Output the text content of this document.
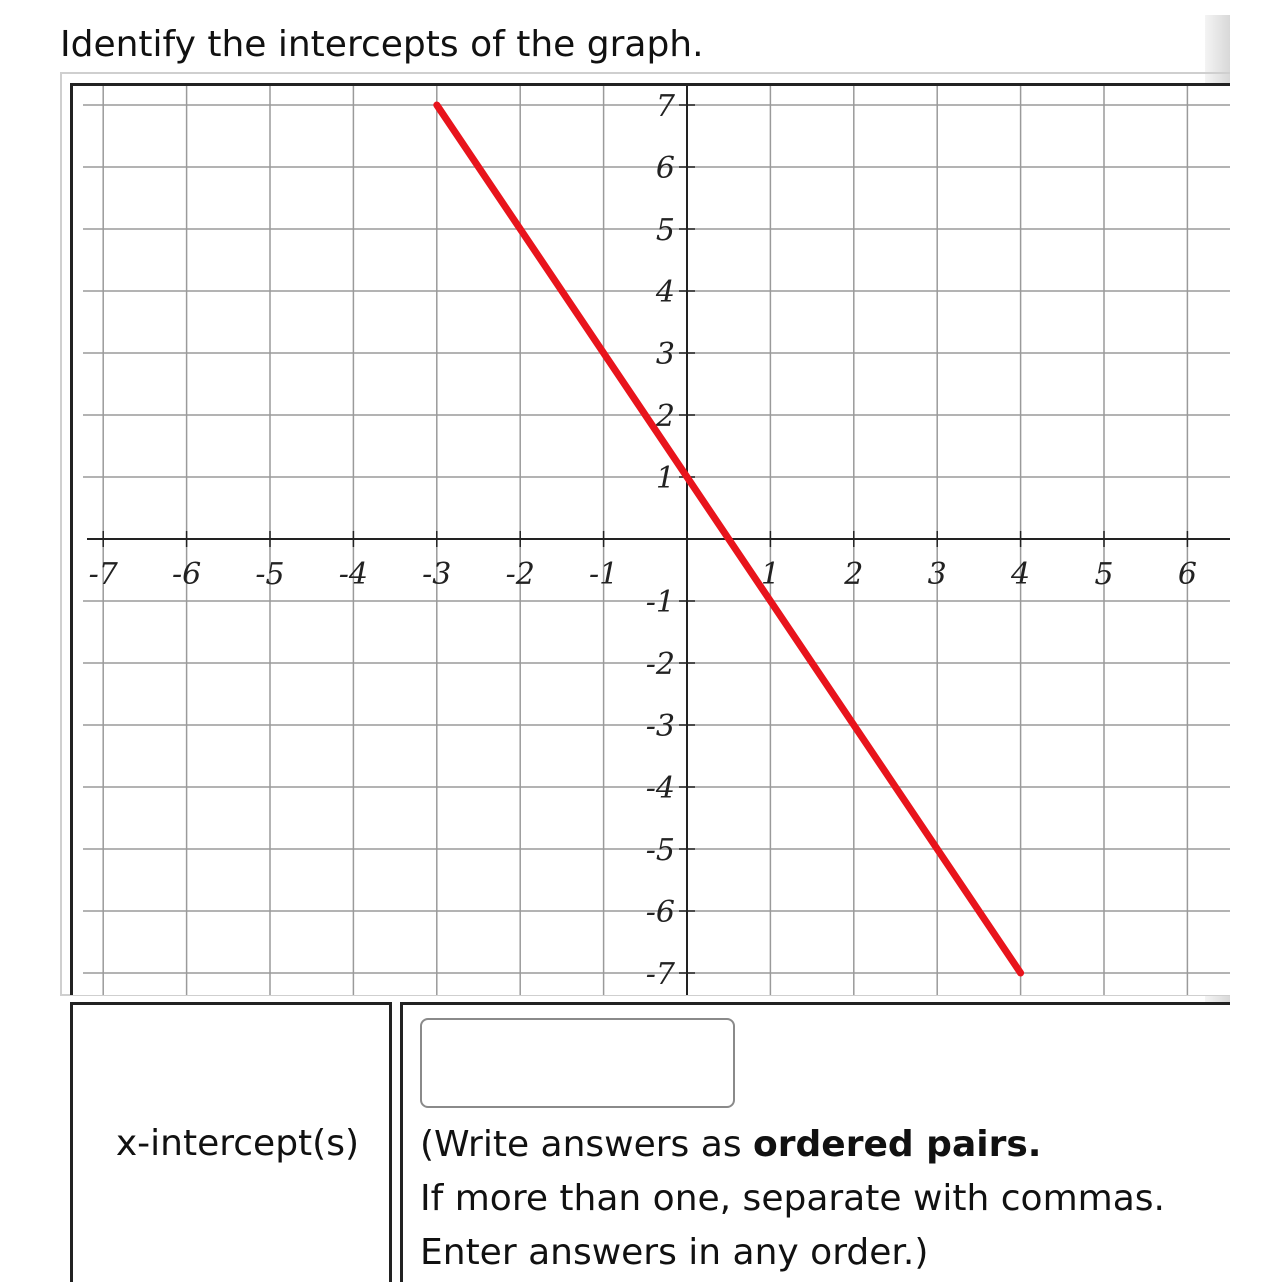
Identify the intercepts of the graph.
-7 -6 -5 -4 -3 -2 -1	1 2 3 4 5 6
7
6
5
4
3
2
1
-1
-2
-3
-4
-5
-6
-7
x-intercept(s) (Write answers as ordered pairs.
If more than one, separate with commas.
Enter answers in any order.)
